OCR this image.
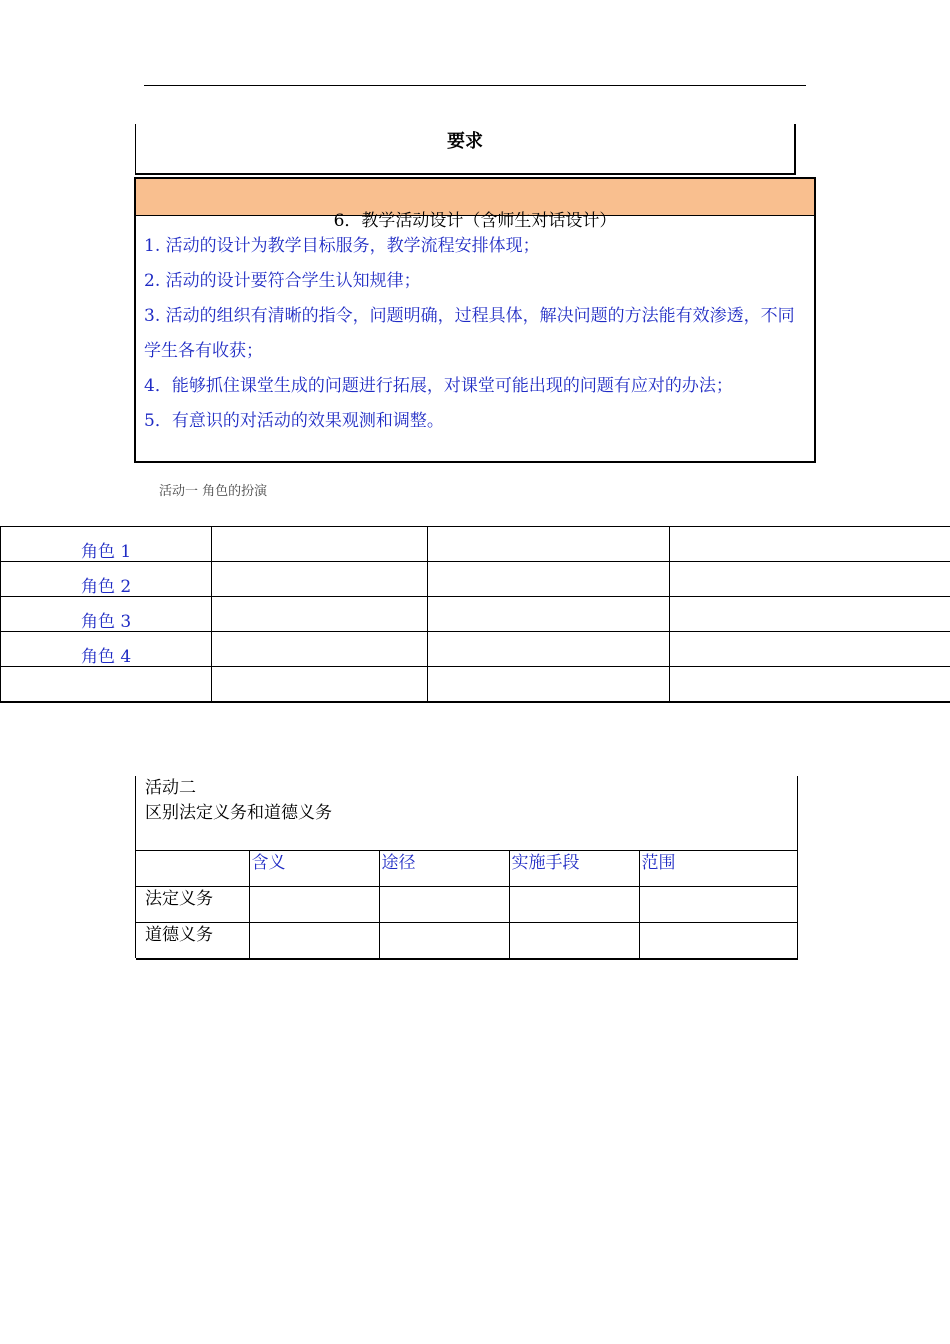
要求
6．教学活动设计（含师生对话设计）
1. 活动的设计为教学目标服务，教学流程安排体现；
2. 活动的设计要符合学生认知规律；
3. 活动的组织有清晰的指令，问题明确，过程具体，解决问题的方法能有效渗透，不同学生各有收获；
4．能够抓住课堂生成的问题进行拓展，对课堂可能出现的问题有应对的办法；
5．有意识的对活动的效果观测和调整。
活动一 角色的扮演
角色 1			
角色 2			
角色 3			
角色 4			

活动二
区别法定义务和道德义务
	含义	途径	实施手段	范围
法定义务				
道德义务				
